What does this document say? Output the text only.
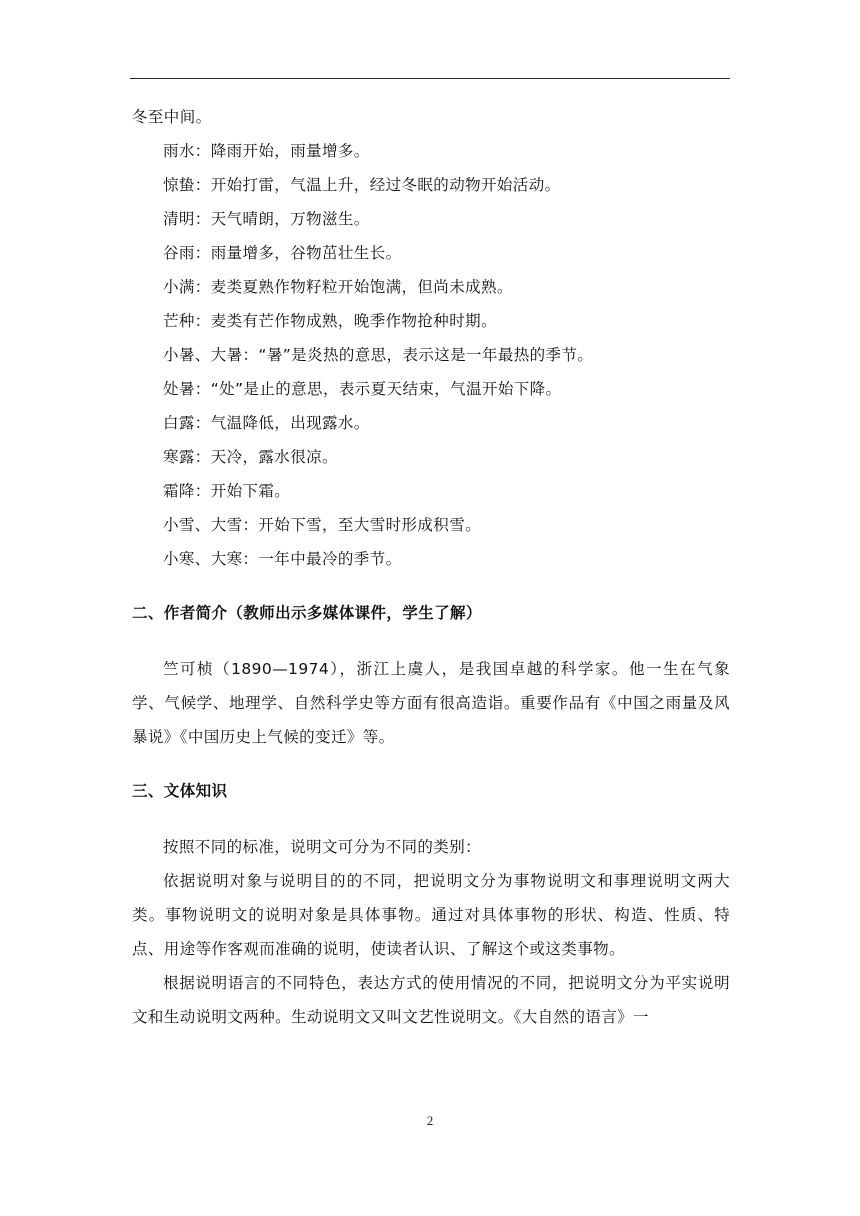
冬至中间。
雨水：降雨开始，雨量增多。
惊蛰：开始打雷，气温上升，经过冬眠的动物开始活动。
清明：天气晴朗，万物滋生。
谷雨：雨量增多，谷物茁壮生长。
小满：麦类夏熟作物籽粒开始饱满，但尚未成熟。
芒种：麦类有芒作物成熟，晚季作物抢种时期。
小暑、大暑：“暑”是炎热的意思，表示这是一年最热的季节。
处暑：“处”是止的意思，表示夏天结束，气温开始下降。
白露：气温降低，出现露水。
寒露：天冷，露水很凉。
霜降：开始下霜。
小雪、大雪：开始下雪，至大雪时形成积雪。
小寒、大寒：一年中最冷的季节。
二、作者简介（教师出示多媒体课件，学生了解）
竺可桢（1890—1974），浙江上虞人，是我国卓越的科学家。他一生在气象学、气候学、地理学、自然科学史等方面有很高造诣。重要作品有《中国之雨量及风暴说》《中国历史上气候的变迁》等。
三、文体知识
按照不同的标准，说明文可分为不同的类别：
依据说明对象与说明目的的不同，把说明文分为事物说明文和事理说明文两大类。事物说明文的说明对象是具体事物。通过对具体事物的形状、构造、性质、特点、用途等作客观而准确的说明，使读者认识、了解这个或这类事物。
根据说明语言的不同特色，表达方式的使用情况的不同，把说明文分为平实说明文和生动说明文两种。生动说明文又叫文艺性说明文。《大自然的语言》一
2
